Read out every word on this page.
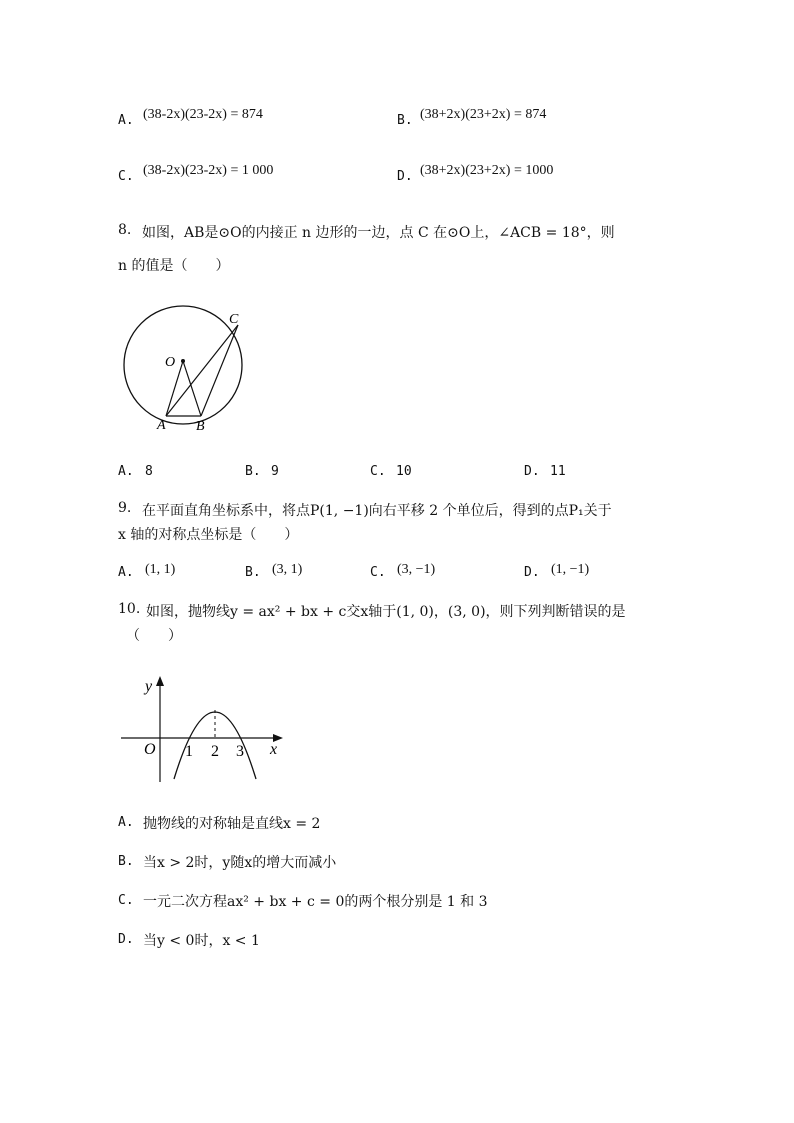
A. (38-2x)(23-2x) = 874	B. (38+2x)(23+2x) = 874
C. (38-2x)(23-2x) = 1 000	D. (38+2x)(23+2x) = 1000
8. 如图，AB是⊙O的内接正 n 边形的一边，点 C 在⊙O上，∠ACB = 18°，则
n 的值是（　　）
O
A B
C
A. 8	B. 9	C. 10	D. 11
9. 在平面直角坐标系中，将点P(1, −1)向右平移 2 个单位后，得到的点P₁关于
x 轴的对称点坐标是（　　）
A. (1, 1)	B. (3, 1)	C. (3, −1)	D. (1, −1)
10. 如图，抛物线y = ax² + bx + c交x轴于(1, 0)，(3, 0)，则下列判断错误的是
（　　）
y
x
O 1 2 3
A. 抛物线的对称轴是直线x = 2
B. 当x > 2时，y随x的增大而减小
C. 一元二次方程ax² + bx + c = 0的两个根分别是 1 和 3
D. 当y < 0时，x < 1
